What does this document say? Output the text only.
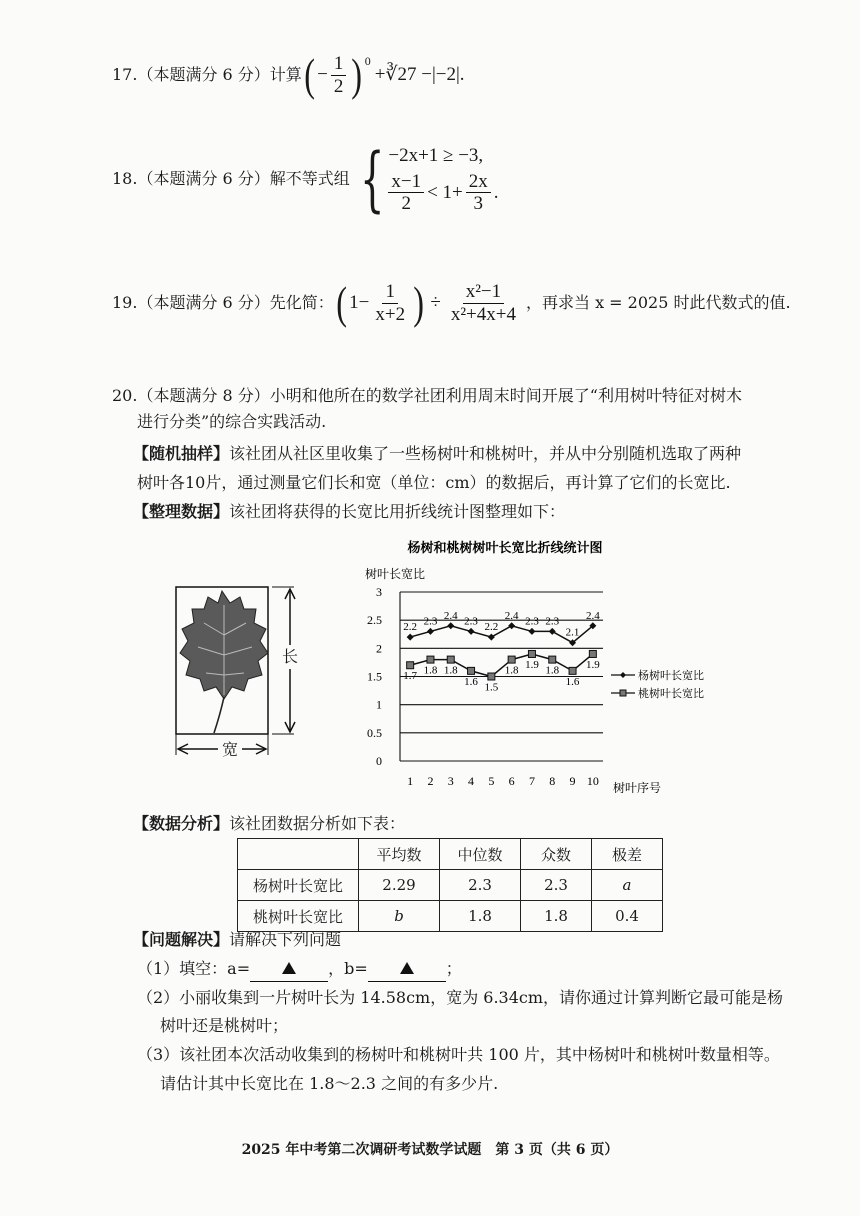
17.（本题满分 6 分）计算 ( − $\frac{1}{2} )^0$
+∛27 −|−2|.
18.（本题满分 6 分）解不等式组 { −2x+1 ≥ −3,
$\frac{x-1}{2} < 1+ \frac{2x}{3}$ .
19.（本题满分 6 分）先化简： ( $1- \frac{1}{x+2}$ ) ÷ $\frac{\text{x²−1}}{\text{x²+4x+4}}$ ，再求当 x = 2025 时此代数式的值.
20.（本题满分 8 分）小明和他所在的数学社团利用周末时间开展了“利用树叶特征对树木
进行分类”的综合实践活动.
【随机抽样】该社团从社区里收集了一些杨树叶和桃树叶，并从中分别随机选取了两种
树叶各10片，通过测量它们长和宽（单位：cm）的数据后，再计算了它们的长宽比.
【整理数据】该社团将获得的长宽比用折线统计图整理如下：
长
宽
杨树和桃树树叶长宽比折线统计图
树叶长宽比
树叶序号
0
0.5
1
1.5
2
2.5
3
1 2 3 4 5 6 7 8 9 10
2.2 2.3 2.4 2.3 2.2
2.4 2.3 2.3
2.1
2.4
1.7 1.8 1.8
1.6 1.5
1.8 1.9 1.8
1.6
1.9
杨树叶长宽比
桃树叶长宽比
【数据分析】该社团数据分析如下表：
	平均数	中位数	众数	极差
杨树叶长宽比	2.29	2.3	2.3	a
桃树叶长宽比	b	1.8	1.8	0.4
【问题解决】请解决下列问题
（1）填空：a=	，b=	；
（2）小丽收集到一片树叶长为 14.58cm，宽为 6.34cm，请你通过计算判断它最可能是杨
树叶还是桃树叶；
（3）该社团本次活动收集到的杨树叶和桃树叶共 100 片，其中杨树叶和桃树叶数量相等。
请估计其中长宽比在 1.8～2.3 之间的有多少片.
2025 年中考第二次调研考试数学试题　第 3 页（共 6 页）
